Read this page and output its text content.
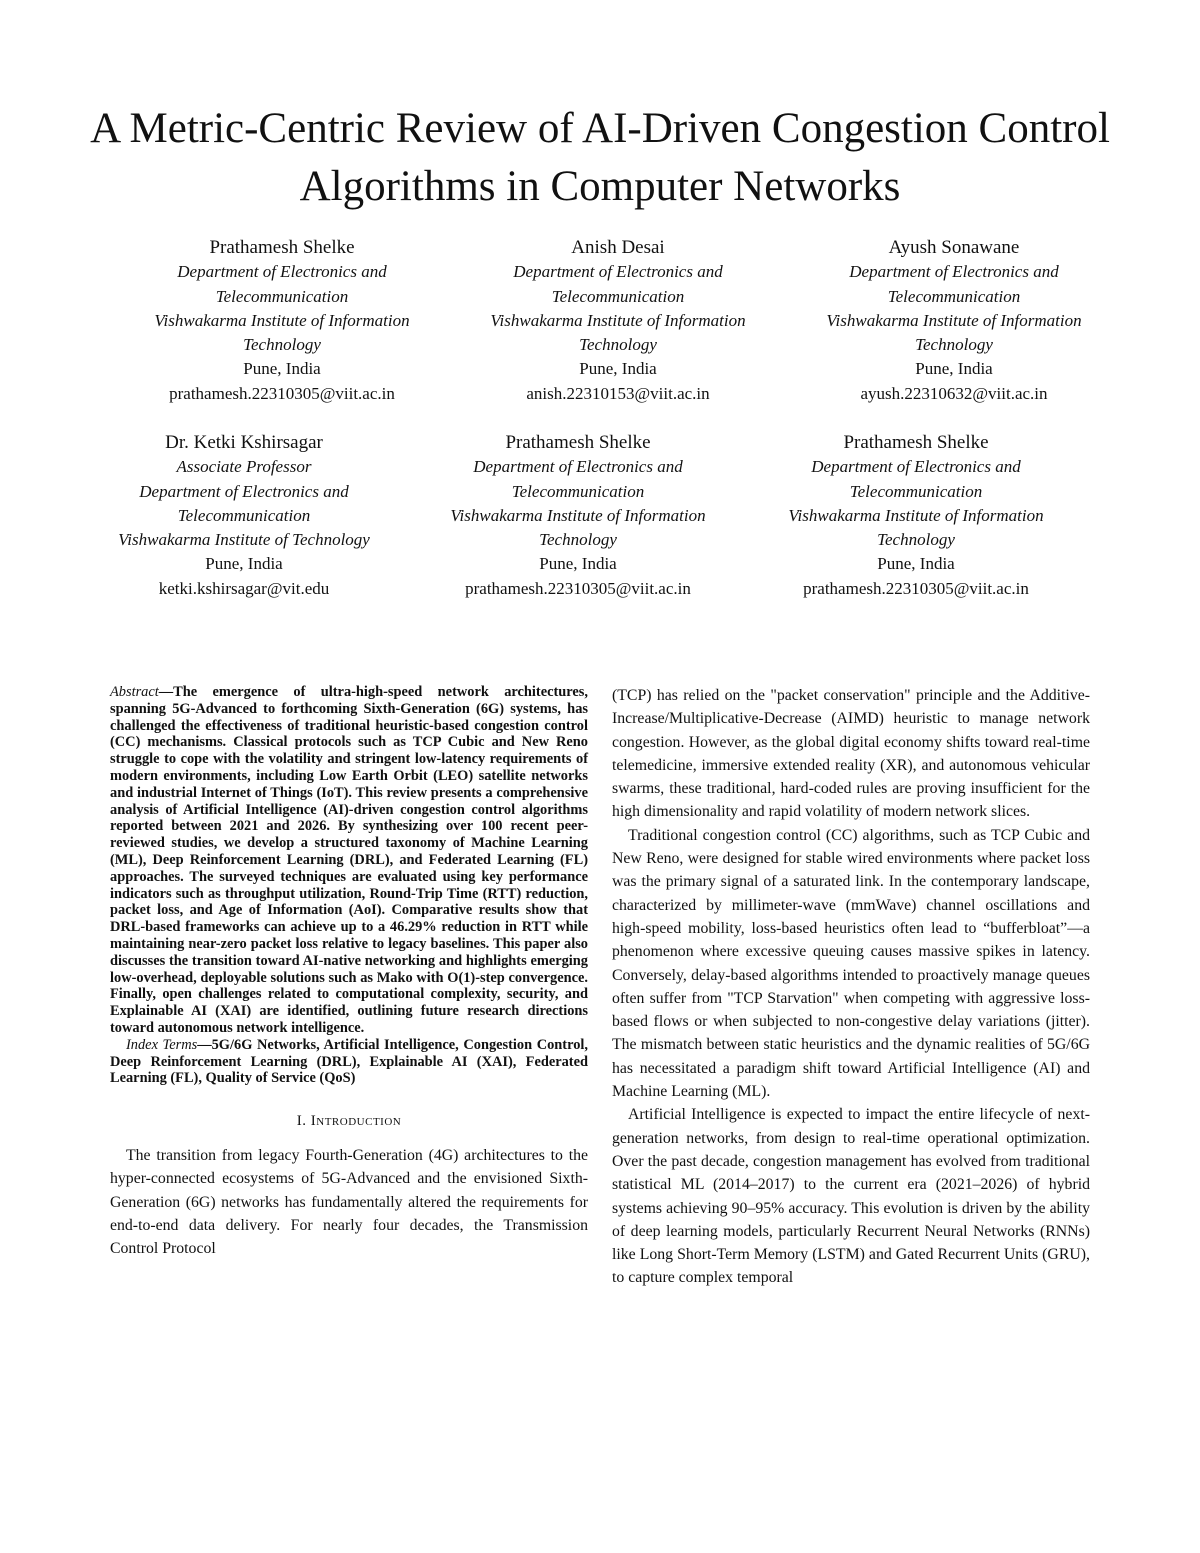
A Metric-Centric Review of AI-Driven Congestion Control Algorithms in Computer Networks
Prathamesh Shelke
Department of Electronics and
Telecommunication
Vishwakarma Institute of Information
Technology
Pune, India
prathamesh.22310305@viit.ac.in
Anish Desai
Department of Electronics and
Telecommunication
Vishwakarma Institute of Information
Technology
Pune, India
anish.22310153@viit.ac.in
Ayush Sonawane
Department of Electronics and
Telecommunication
Vishwakarma Institute of Information
Technology
Pune, India
ayush.22310632@viit.ac.in
Dr. Ketki Kshirsagar
Associate Professor
Department of Electronics and
Telecommunication
Vishwakarma Institute of Technology
Pune, India
ketki.kshirsagar@vit.edu
Prathamesh Shelke
Department of Electronics and
Telecommunication
Vishwakarma Institute of Information
Technology
Pune, India
prathamesh.22310305@viit.ac.in
Prathamesh Shelke
Department of Electronics and
Telecommunication
Vishwakarma Institute of Information
Technology
Pune, India
prathamesh.22310305@viit.ac.in

Abstract—The emergence of ultra-high-speed network architectures, spanning 5G-Advanced to forthcoming Sixth-Generation (6G) systems, has challenged the effectiveness of traditional heuristic-based congestion control (CC) mechanisms. Classical protocols such as TCP Cubic and New Reno struggle to cope with the volatility and stringent low-latency requirements of modern environments, including Low Earth Orbit (LEO) satellite networks and industrial Internet of Things (IoT). This review presents a comprehensive analysis of Artificial Intelligence (AI)-driven congestion control algorithms reported between 2021 and 2026. By synthesizing over 100 recent peer-reviewed studies, we develop a structured taxonomy of Machine Learning (ML), Deep Reinforcement Learning (DRL), and Federated Learning (FL) approaches. The surveyed techniques are evaluated using key performance indicators such as throughput utilization, Round-Trip Time (RTT) reduction, packet loss, and Age of Information (AoI). Comparative results show that DRL-based frameworks can achieve up to a 46.29% reduction in RTT while maintaining near-zero packet loss relative to legacy baselines. This paper also discusses the transition toward AI-native networking and highlights emerging low-overhead, deployable solutions such as Mako with O(1)-step convergence. Finally, open challenges related to computational complexity, security, and Explainable AI (XAI) are identified, outlining future research directions toward autonomous network intelligence.

Index Terms—5G/6G Networks, Artificial Intelligence, Congestion Control, Deep Reinforcement Learning (DRL), Explainable AI (XAI), Federated Learning (FL), Quality of Service (QoS)

I. Introduction

The transition from legacy Fourth-Generation (4G) architectures to the hyper-connected ecosystems of 5G-Advanced and the envisioned Sixth-Generation (6G) networks has fundamentally altered the requirements for end-to-end data delivery. For nearly four decades, the Transmission Control Protocol

(TCP) has relied on the "packet conservation" principle and the Additive-Increase/Multiplicative-Decrease (AIMD) heuristic to manage network congestion. However, as the global digital economy shifts toward real-time telemedicine, immersive extended reality (XR), and autonomous vehicular swarms, these traditional, hard-coded rules are proving insufficient for the high dimensionality and rapid volatility of modern network slices.

Traditional congestion control (CC) algorithms, such as TCP Cubic and New Reno, were designed for stable wired environments where packet loss was the primary signal of a saturated link. In the contemporary landscape, characterized by millimeter-wave (mmWave) channel oscillations and high-speed mobility, loss-based heuristics often lead to “bufferbloat”—a phenomenon where excessive queuing causes massive spikes in latency. Conversely, delay-based algorithms intended to proactively manage queues often suffer from "TCP Starvation" when competing with aggressive loss-based flows or when subjected to non-congestive delay variations (jitter). The mismatch between static heuristics and the dynamic realities of 5G/6G has necessitated a paradigm shift toward Artificial Intelligence (AI) and Machine Learning (ML).

Artificial Intelligence is expected to impact the entire lifecycle of next-generation networks, from design to real-time operational optimization. Over the past decade, congestion management has evolved from traditional statistical ML (2014–2017) to the current era (2021–2026) of hybrid systems achieving 90–95% accuracy. This evolution is driven by the ability of deep learning models, particularly Recurrent Neural Networks (RNNs) like Long Short-Term Memory (LSTM) and Gated Recurrent Units (GRU), to capture complex temporal
